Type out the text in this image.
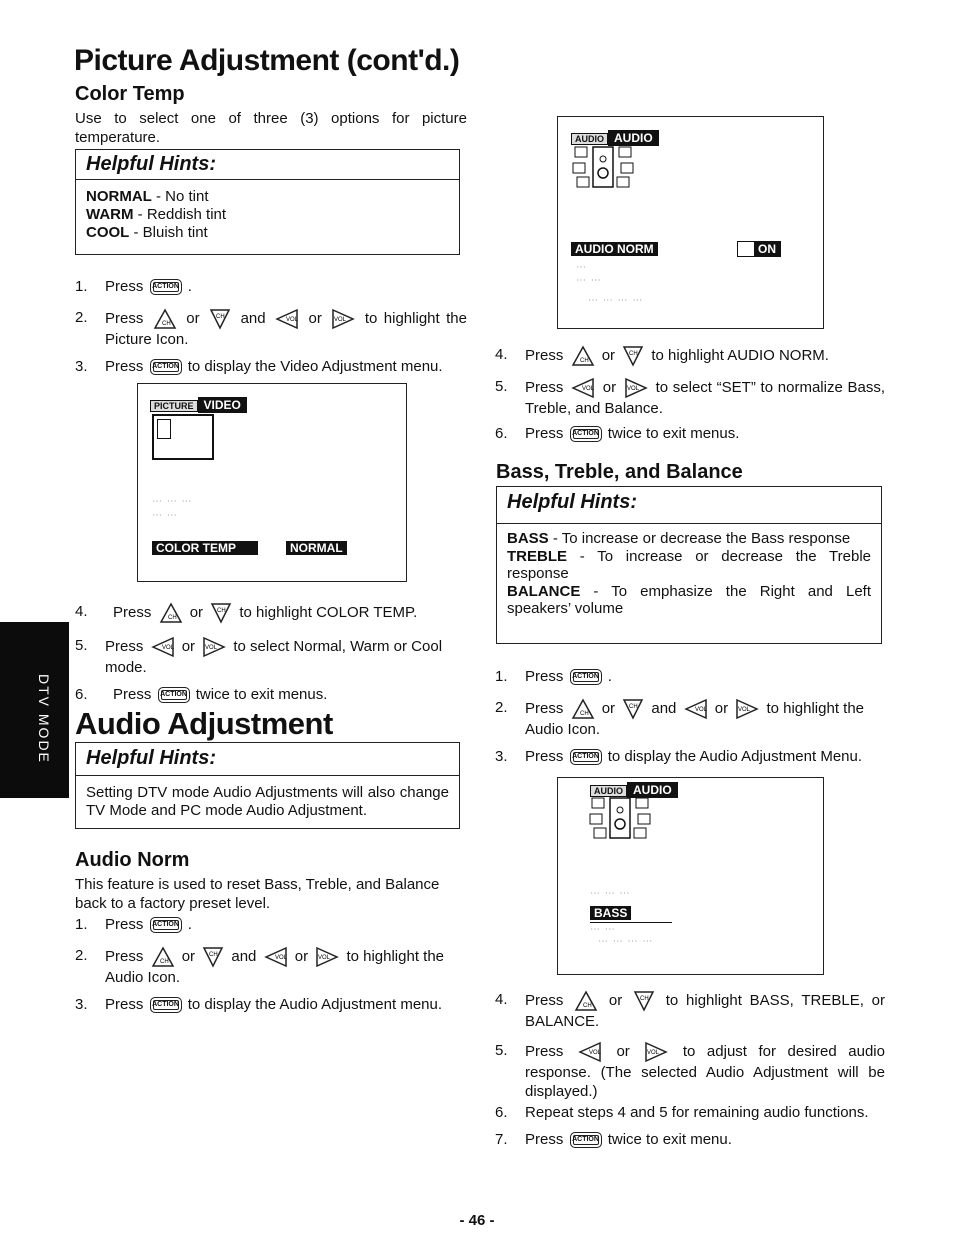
Picture Adjustment (cont'd.)
Color Temp

Use to select one of three (3) options for picture temperature.

Helpful Hints:
NORMAL - No tint
WARM - Reddish tint
COOL - Bluish tint
1.	Press ACTION .
2.	Press	CH or	CH and	VOL or VOL to highlight the Picture Icon.
3.	Press ACTION to display the Video Adjustment menu.
PICTURE VIDEO
⋯ ⋯ ⋯
⋯ ⋯
COLOR TEMP	NORMAL
4.	Press	CH or CH to highlight COLOR TEMP.
5.	Press	VOL or VOL to select Normal, Warm or Cool mode.
6.	Press ACTION twice to exit menus.
Audio Adjustment
Helpful Hints:
Setting DTV mode Audio Adjustments will also change TV Mode and PC mode Audio Adjustment.
Audio Norm

This feature is used to reset Bass, Treble, and Balance back to a factory preset level.

1.	Press ACTION .
2.	Press	CH or CH and	VOL or VOL to highlight the Audio Icon.
3.	Press ACTION to display the Audio Adjustment menu.
DTV MODE
AUDIO AUDIO
AUDIO NORM	ON
⋯
⋯ ⋯
⋯ ⋯ ⋯ ⋯
4.	Press	CH or CH to highlight AUDIO NORM.
5.	Press	VOL or VOL to select “SET” to normalize Bass, Treble, and Balance.
6.	Press ACTION twice to exit menus.
Bass, Treble, and Balance
Helpful Hints:
BASS - To increase or decrease the Bass response
TREBLE - To increase or decrease the Treble response
BALANCE - To emphasize the Right and Left speakers’ volume
1.	Press ACTION .
2.	Press	CH or CH and	VOL or VOL to highlight the Audio Icon.
3.	Press ACTION to display the Audio Adjustment Menu.
AUDIO AUDIO
⋯ ⋯ ⋯
BASS
⋯ ⋯
⋯ ⋯ ⋯ ⋯
4.	Press	CH or	CH to highlight BASS, TREBLE, or BALANCE.
5.	Press	VOL or	VOL to adjust for desired audio response. (The selected Audio Adjustment will be displayed.)
6.	Repeat steps 4 and 5 for remaining audio functions.
7.	Press ACTION twice to exit menu.
- 46 -
